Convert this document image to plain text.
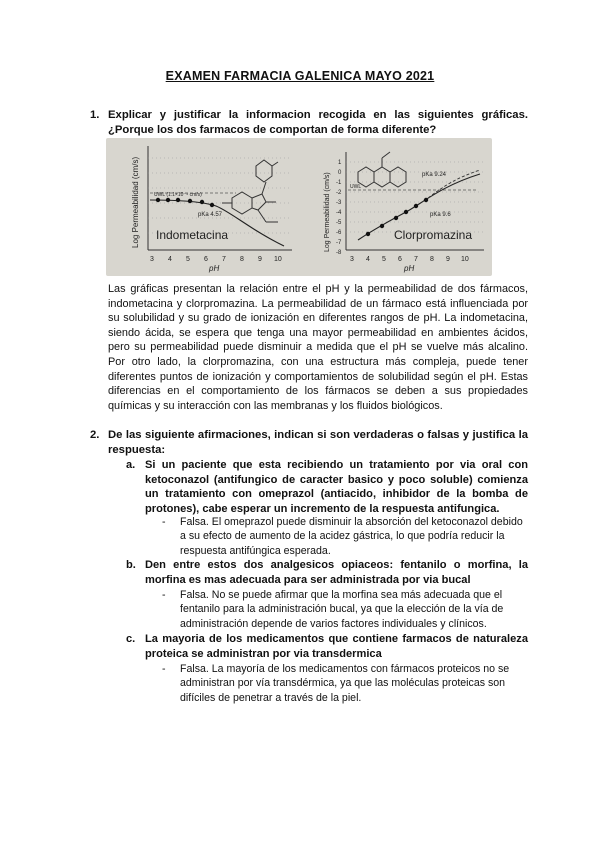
EXAMEN FARMACIA GALENICA MAYO 2021
1. Explicar y justificar la informacion recogida en las siguientes gráficas. ¿Porque los dos farmacos de comportan de forma diferente?
Log Permeabilidad (cm/s)	UWL (1.1×10⁻⁴ cm/s)
pKa 4.57
Indometacina
pH
3 4 5 6 7 8 9 10
Log Permeabilidad (cm/s)
1
0
-1
-2
-3
-4
-5
-6
-7
-8
UWL
pKa 9.24
pKa 9.6
Clorpromazina
pH
3 4 5 6 7 8 9 10
Las gráficas presentan la relación entre el pH y la permeabilidad de dos fármacos, indometacina y clorpromazina. La permeabilidad de un fármaco está influenciada por su solubilidad y su grado de ionización en diferentes rangos de pH. La indometacina, siendo ácida, se espera que tenga una mayor permeabilidad en ambientes ácidos, pero su permeabilidad puede disminuir a medida que el pH se vuelve más alcalino. Por otro lado, la clorpromazina, con una estructura más compleja, puede tener diferentes puntos de ionización y comportamientos de solubilidad según el pH. Estas diferencias en el comportamiento de los fármacos se deben a sus propiedades químicas y su interacción con las membranas y los fluidos biológicos.
2. De las siguiente afirmaciones, indican si son verdaderas o falsas y justifica la respuesta:
a. Si un paciente que esta recibiendo un tratamiento por via oral con ketoconazol (antifungico de caracter basico y poco soluble) comienza un tratamiento con omeprazol (antiacido, inhibidor de la bomba de protones), cabe esperar un incremento de la respuesta antifungica.
- Falsa. El omeprazol puede disminuir la absorción del ketoconazol debido a su efecto de aumento de la acidez gástrica, lo que podría reducir la respuesta antifúngica esperada.
b. Den entre estos dos analgesicos opiaceos: fentanilo o morfina, la morfina es mas adecuada para ser administrada por via bucal
- Falsa. No se puede afirmar que la morfina sea más adecuada que el fentanilo para la administración bucal, ya que la elección de la vía de administración depende de varios factores individuales y clínicos.
c. La mayoria de los medicamentos que contiene farmacos de naturaleza proteica se administran por via transdermica
- Falsa. La mayoría de los medicamentos con fármacos proteicos no se administran por vía transdérmica, ya que las moléculas proteicas son difíciles de penetrar a través de la piel.
